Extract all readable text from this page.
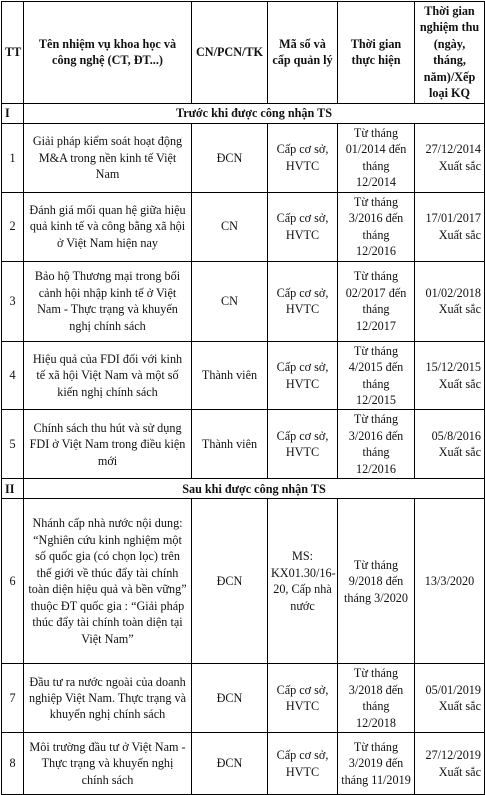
TT	Tên nhiệm vụ khoa học và công nghệ (CT, ĐT...)	CN/PCN/TK	Mã số và cấp quản lý	Thời gian thực hiện	Thời gian nghiệm thu (ngày, tháng, năm)/Xếp loại KQ
I	Trước khi được công nhận TS				
1	Giải pháp kiểm soát hoạt động M&A trong nền kinh tế Việt Nam	ĐCN	Cấp cơ sở, HVTC	Từ tháng 01/2014 đến tháng 12/2014	27/12/2014
Xuất sắc

2	Đánh giá mối quan hệ giữa hiệu quả kinh tế và công bằng xã hội ở Việt Nam hiện nay	CN	Cấp cơ sở, HVTC	Từ tháng 3/2016 đến tháng 12/2016	17/01/2017
Xuất sắc

3	Bảo hộ Thương mại trong bối cảnh hội nhập kinh tế ở Việt Nam - Thực trạng và khuyến nghị chính sách	CN	Cấp cơ sở, HVTC	Từ tháng 02/2017 đến tháng 12/2017	01/02/2018
Xuất sắc

4	Hiệu quả của FDI đối với kinh tế xã hội Việt Nam và một số kiến nghị chính sách	Thành viên	Cấp cơ sở, HVTC	Từ tháng 4/2015 đến tháng 12/2015	15/12/2015
Xuất sắc

5	Chính sách thu hút và sử dụng FDI ở Việt Nam trong điều kiện mới	Thành viên	Cấp cơ sở, HVTC	Từ tháng 3/2016 đến tháng 12/2016	05/8/2016
Xuất sắc

II	Sau khi được công nhận TS				
6	Nhánh cấp nhà nước nội dung: “Nghiên cứu kinh nghiệm một số quốc gia (có chọn lọc) trên thế giới về thúc đẩy tài chính toàn diện hiệu quả và bền vững” thuộc ĐT quốc gia : “Giải pháp thúc đẩy tài chính toàn diện tại Việt Nam”	ĐCN	MS: KX01.30/16-20, Cấp nhà nước	Từ tháng 9/2018 đến tháng 3/2020	13/3/2020

7	Đầu tư ra nước ngoài của doanh nghiệp Việt Nam. Thực trạng và khuyến nghị chính sách	ĐCN	Cấp cơ sở, HVTC	Từ tháng 3/2018 đến tháng 12/2018	05/01/2019
Xuất sắc

8	Môi trường đầu tư ở Việt Nam - Thực trạng và khuyến nghị chính sách	ĐCN	Cấp cơ sở, HVTC	Từ tháng 3/2019 đến tháng 11/2019	27/12/2019
Xuất sắc
